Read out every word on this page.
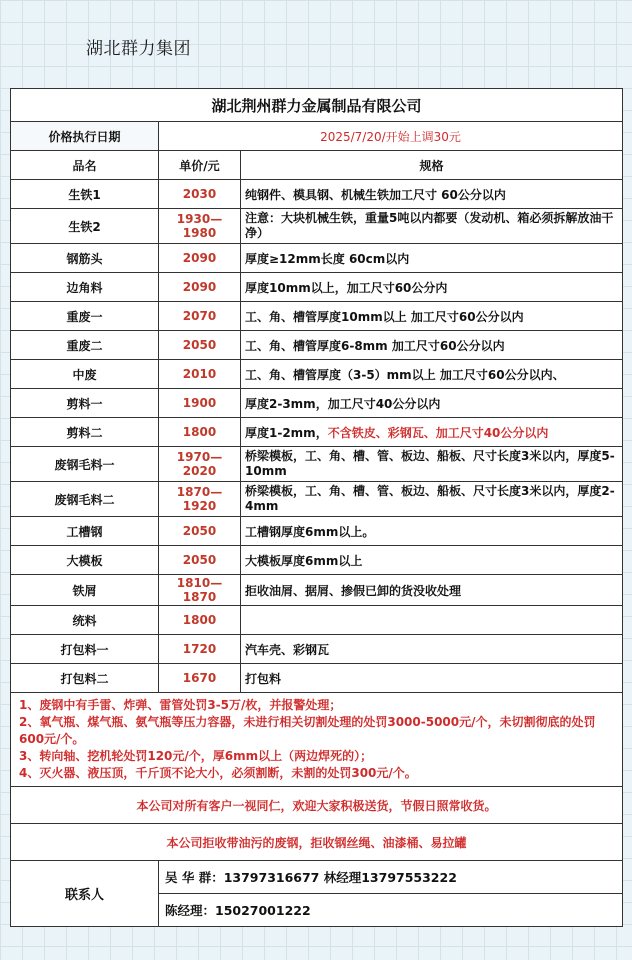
湖北群力集团
湖北荆州群力金属制品有限公司		
价格执行日期	2025/7/20/开始上调30元	
品名	单价/元	规格
生铁1	2030	纯钢件、模具钢、机械生铁加工尺寸 60公分以内
生铁2	1930—1980	注意：大块机械生铁，重量5吨以内都要（发动机、箱必须拆解放油干净）
钢筋头	2090	厚度≥12mm长度 60cm以内
边角料	2090	厚度10mm以上，加工尺寸60公分内
重废一	2070	工、角、槽管厚度10mm以上 加工尺寸60公分以内
重废二	2050	工、角、槽管厚度6-8mm 加工尺寸60公分以内
中废	2010	工、角、槽管厚度（3-5）mm以上 加工尺寸60公分以内、
剪料一	1900	厚度2-3mm，加工尺寸40公分以内
剪料二	1800	厚度1-2mm，不含铁皮、彩钢瓦、加工尺寸40公分以内
废钢毛料一	1970—2020	桥梁模板，工、角、槽、管、板边、船板、尺寸长度3米以内，厚度5-10mm
废钢毛料二	1870—1920	桥梁模板，工、角、槽、管、板边、船板、尺寸长度3米以内，厚度2-4mm
工槽钢	2050	工槽钢厚度6mm以上。
大模板	2050	大模板厚度6mm以上
铁屑	1810—1870	拒收油屑、据屑、掺假已卸的货没收处理
统料	1800	
打包料一	1720	汽车壳、彩钢瓦
打包料二	1670	打包料

1、废钢中有手雷、炸弹、雷管处罚3-5万/枚，并报警处理；
2、氧气瓶、煤气瓶、氨气瓶等压力容器，未进行相关切割处理的处罚3000-5000元/个，未切割彻底的处罚600元/个。
3、转向轴、挖机轮处罚120元/个，厚6mm以上（两边焊死的）；
4、灭火器、液压顶，千斤顶不论大小，必须割断，未割的处罚300元/个。		

本公司对所有客户一视同仁，欢迎大家积极送货，节假日照常收货。		
本公司拒收带油污的废钢，拒收钢丝绳、油漆桶、易拉罐		
联系人	吴 华 群：13797316677 林经理13797553222	
	陈经理：15027001222	
